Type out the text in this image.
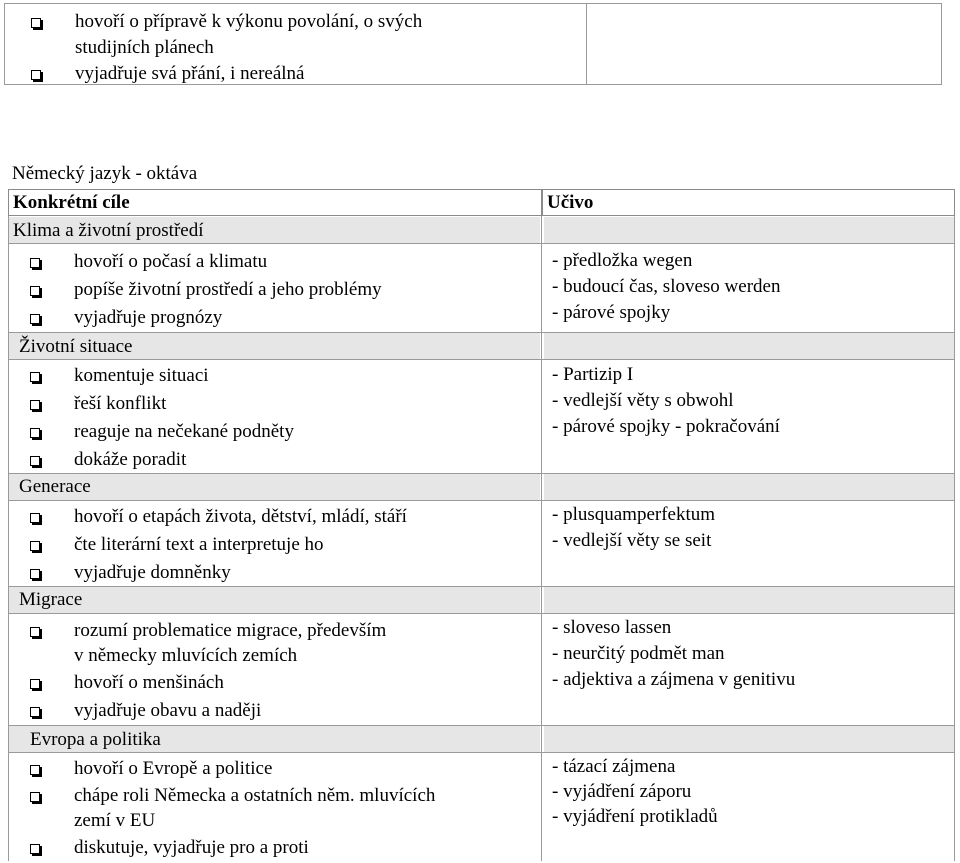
hovoří o přípravě k výkonu povolání, o svých
studijních plánech
vyjadřuje svá přání, i nereálná
Německý jazyk - oktáva
Konkrétní cíle	Učivo
Klima a životní prostředí
hovoří o počasí a klimatu
popíše životní prostředí a jeho problémy
vyjadřuje prognózy
- předložka wegen
- budoucí čas, sloveso werden
- párové spojky
Životní situace
komentuje situaci
řeší konflikt
reaguje na nečekané podněty
dokáže poradit
- Partizip I
- vedlejší věty s obwohl
- párové spojky - pokračování
Generace
hovoří o etapách života, dětství, mládí, stáří
čte literární text a interpretuje ho
vyjadřuje domněnky
- plusquamperfektum
- vedlejší věty se seit
Migrace
rozumí problematice migrace, především
v německy mluvících zemích
hovoří o menšinách
vyjadřuje obavu a naději
- sloveso lassen
- neurčitý podmět man
- adjektiva a zájmena v genitivu
Evropa a politika
hovoří o Evropě a politice
chápe roli Německa a ostatních něm. mluvících
zemí v EU
diskutuje, vyjadřuje pro a proti
- tázací zájmena
- vyjádření záporu
- vyjádření protikladů
